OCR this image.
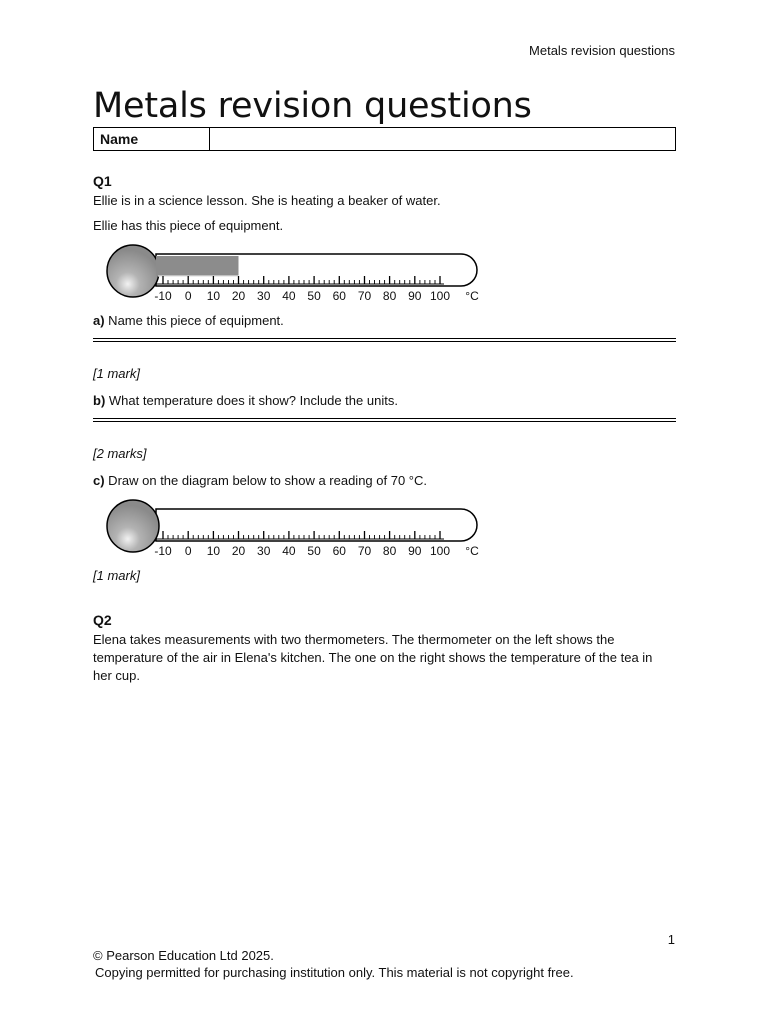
Metals revision questions
Metals revision questions
Name
Q1
Ellie is in a science lesson. She is heating a beaker of water.
Ellie has this piece of equipment.
-10 0 10 20 30 40 50 60 70 80 90 100 °C
a) Name this piece of equipment.
[1 mark]
b) What temperature does it show? Include the units.
[2 marks]
c) Draw on the diagram below to show a reading of 70 °C.
-10 0 10 20 30 40 50 60 70 80 90 100 °C
[1 mark]
Q2
Elena takes measurements with two thermometers. The thermometer on the left shows the temperature of the air in Elena's kitchen. The one on the right shows the temperature of the tea in her cup.
1
© Pearson Education Ltd 2025.
Copying permitted for purchasing institution only. This material is not copyright free.
